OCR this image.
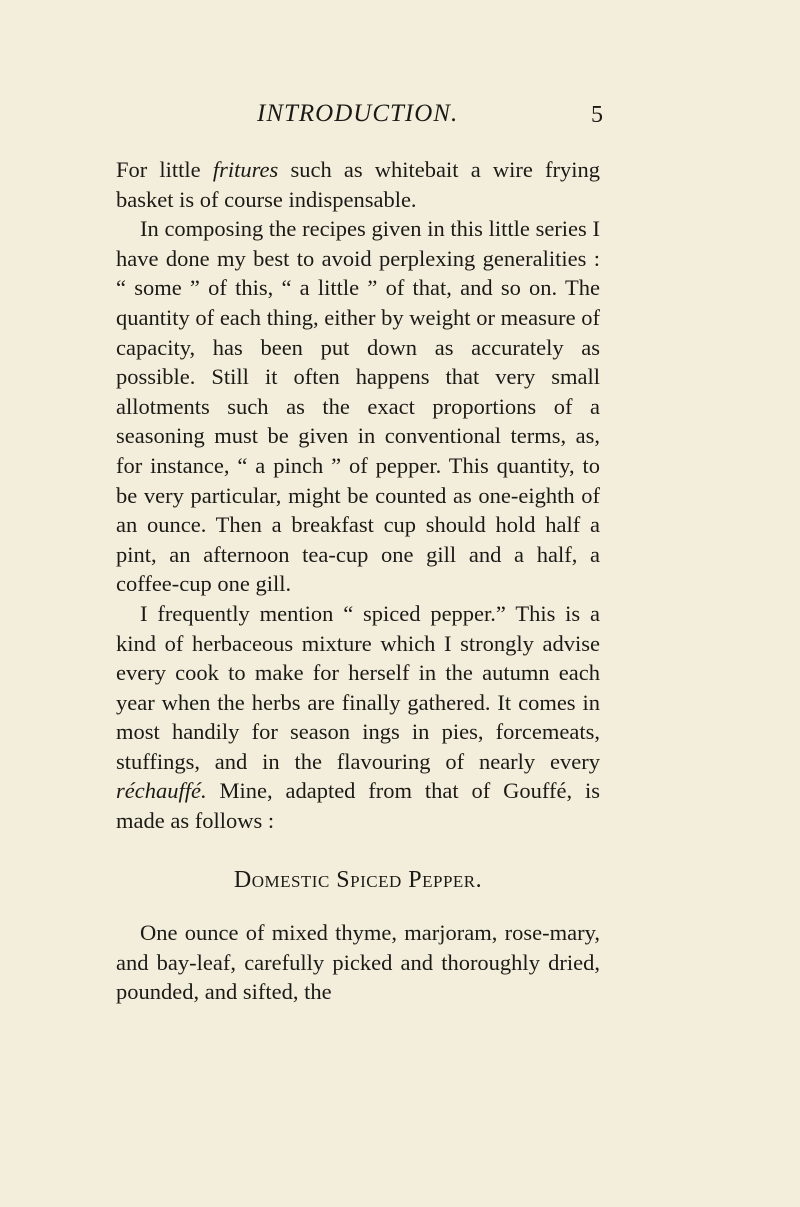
INTRODUCTION.	5

For little fritures such as whitebait a wire frying basket is of course indispensable.

In composing the recipes given in this little series I have done my best to avoid perplexing generalities : “ some ” of this, “ a little ” of that, and so on. The quantity of each thing, either by weight or measure of capacity, has been put down as accurately as possible. Still it often happens that very small allotments such as the exact proportions of a seasoning must be given in conventional terms, as, for instance, “ a pinch ” of pepper. This quantity, to be very particular, might be counted as one-eighth of an ounce. Then a breakfast cup should hold half a pint, an afternoon tea-cup one gill and a half, a coffee-cup one gill.

I frequently mention “ spiced pepper.” This is a kind of herbaceous mixture which I strongly advise every cook to make for herself in the autumn each year when the herbs are finally gathered. It comes in most handily for season ings in pies, forcemeats, stuffings, and in the flavouring of nearly every réchauffé. Mine, adapted from that of Gouffé, is made as follows :

Domestic Spiced Pepper.

One ounce of mixed thyme, marjoram, rose-mary, and bay-leaf, carefully picked and thoroughly dried, pounded, and sifted, the
